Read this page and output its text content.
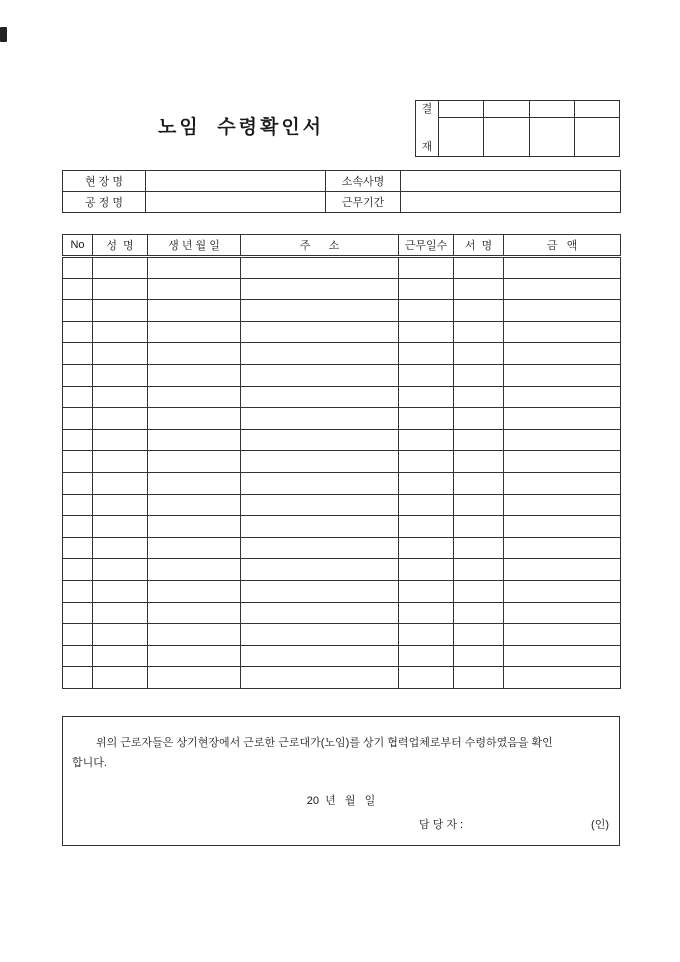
노임  수령확인서
결
재
현 장 명		소속사명	
공 정 명		근무기간	
No	성  명	생 년 월 일	주      소	근무일수	서  명	금   액

위의 근로자들은 상기현장에서 근로한 근로대가(노임)를 상기 협력업체로부터 수령하였음을 확인
합니다.

20  년   월   일
담 당 자 :	(인)
